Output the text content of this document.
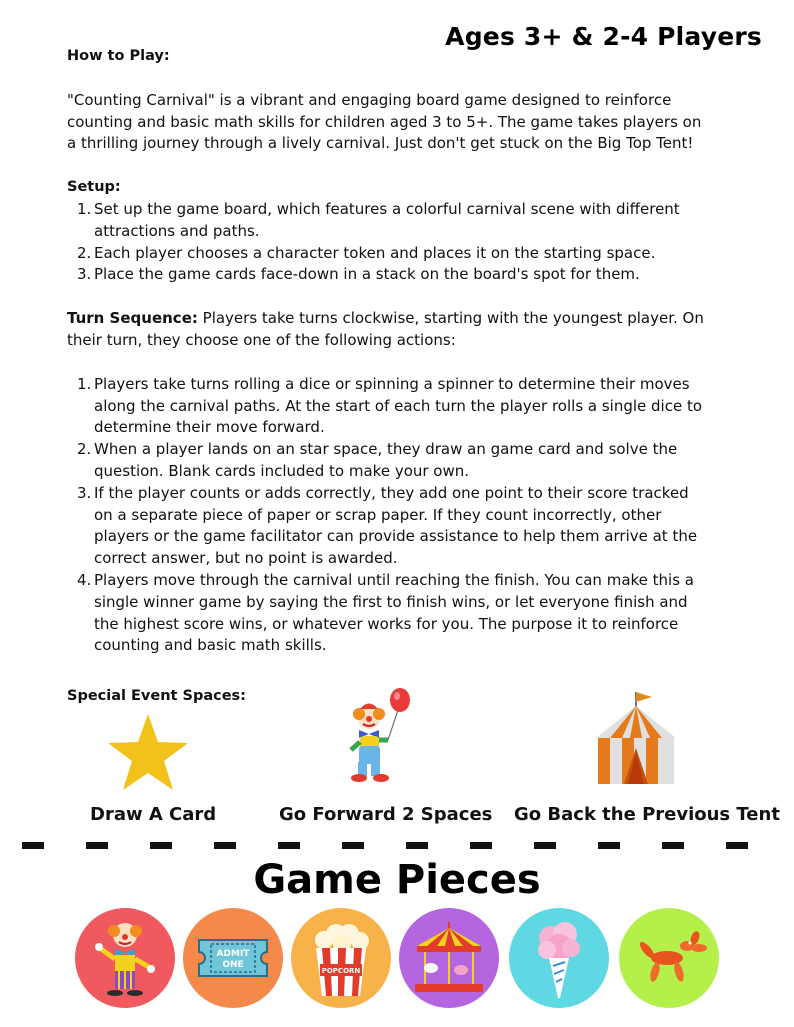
Ages 3+ & 2-4 Players
How to Play:

"Counting Carnival" is a vibrant and engaging board game designed to reinforce counting and basic math skills for children aged 3 to 5+. The game takes players on a thrilling journey through a lively carnival. Just don't get stuck on the Big Top Tent!

Setup:
1. Set up the game board, which features a colorful carnival scene with different attractions and paths.
2. Each player chooses a character token and places it on the starting space.
3. Place the game cards face-down in a stack on the board's spot for them.

Turn Sequence: Players take turns clockwise, starting with the youngest player. On their turn, they choose one of the following actions:

1. Players take turns rolling a dice or spinning a spinner to determine their moves along the carnival paths. At the start of each turn the player rolls a single dice to determine their move forward.
2. When a player lands on an star space, they draw an game card and solve the question. Blank cards included to make your own.
3. If the player counts or adds correctly, they add one point to their score tracked on a separate piece of paper or scrap paper. If they count incorrectly, other players or the game facilitator can provide assistance to help them arrive at the correct answer, but no point is awarded.
4. Players move through the carnival until reaching the finish. You can make this a single winner game by saying the first to finish wins, or let everyone finish and the highest score wins, or whatever works for you. The purpose it to reinforce counting and basic math skills.
Special Event Spaces:
Draw A Card	Go Forward 2 Spaces Go Back the Previous Tent
Game Pieces
ADMIT
ONE
POPCORN
